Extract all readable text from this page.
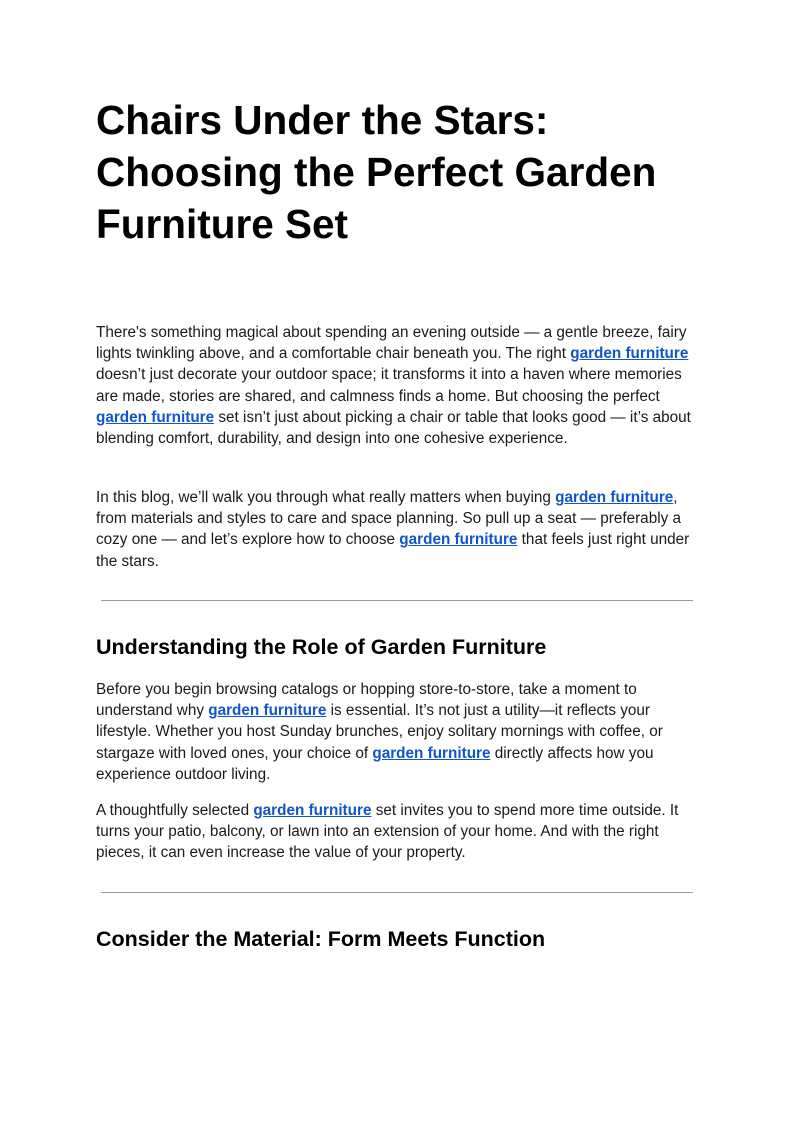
Chairs Under the Stars: Choosing the Perfect Garden Furniture Set

There's something magical about spending an evening outside — a gentle breeze, fairy lights twinkling above, and a comfortable chair beneath you. The right garden furniture doesn’t just decorate your outdoor space; it transforms it into a haven where memories are made, stories are shared, and calmness finds a home. But choosing the perfect garden furniture set isn’t just about picking a chair or table that looks good — it’s about blending comfort, durability, and design into one cohesive experience.

In this blog, we’ll walk you through what really matters when buying garden furniture, from materials and styles to care and space planning. So pull up a seat — preferably a cozy one — and let’s explore how to choose garden furniture that feels just right under the stars.

Understanding the Role of Garden Furniture

Before you begin browsing catalogs or hopping store-to-store, take a moment to understand why garden furniture is essential. It’s not just a utility—it reflects your lifestyle. Whether you host Sunday brunches, enjoy solitary mornings with coffee, or stargaze with loved ones, your choice of garden furniture directly affects how you experience outdoor living.

A thoughtfully selected garden furniture set invites you to spend more time outside. It turns your patio, balcony, or lawn into an extension of your home. And with the right pieces, it can even increase the value of your property.

Consider the Material: Form Meets Function
